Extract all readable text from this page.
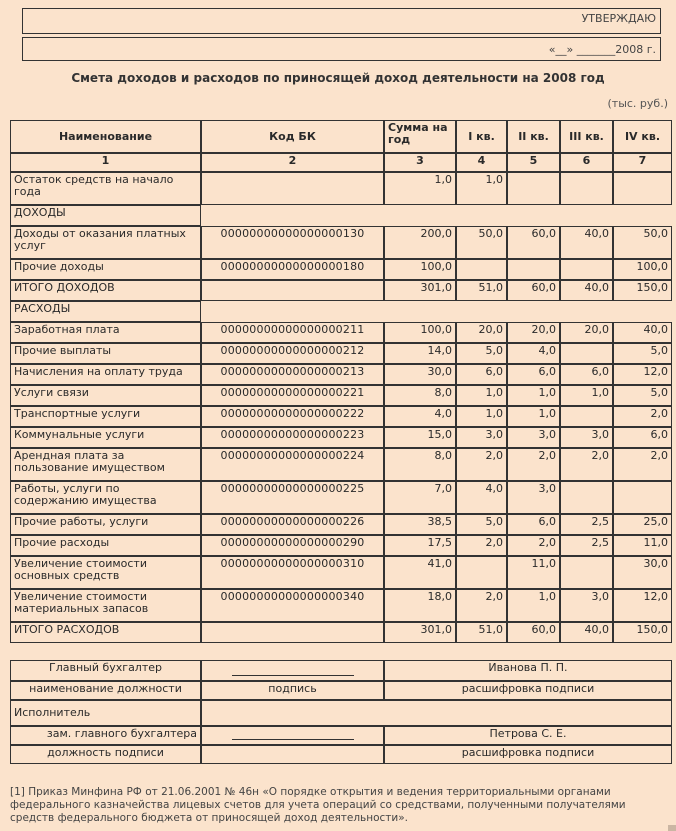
УТВЕРЖДАЮ
«__» _______2008 г.
Смета доходов и расходов по приносящей доход деятельности на 2008 год
(тыс. руб.)
Наименование	Код БК	Сумма на год	I кв.	II кв.	III кв.	IV кв.
1	2	3	4	5	6	7
Остаток средств на начало года		1,0	1,0			
ДОХОДЫ						
Доходы от оказания платных услуг	00000000000000000130	200,0	50,0	60,0	40,0	50,0
Прочие доходы	00000000000000000180	100,0				100,0
ИТОГО ДОХОДОВ		301,0	51,0	60,0	40,0	150,0
РАСХОДЫ						
Заработная плата	00000000000000000211	100,0	20,0	20,0	20,0	40,0
Прочие выплаты	00000000000000000212	14,0	5,0	4,0		5,0
Начисления на оплату труда	00000000000000000213	30,0	6,0	6,0	6,0	12,0
Услуги связи	00000000000000000221	8,0	1,0	1,0	1,0	5,0
Транспортные услуги	00000000000000000222	4,0	1,0	1,0		2,0
Коммунальные услуги	00000000000000000223	15,0	3,0	3,0	3,0	6,0
Арендная плата за пользование имуществом	00000000000000000224	8,0	2,0	2,0	2,0	2,0
Работы, услуги по содержанию имущества	00000000000000000225	7,0	4,0	3,0		
Прочие работы, услуги	00000000000000000226	38,5	5,0	6,0	2,5	25,0
Прочие расходы	00000000000000000290	17,5	2,0	2,0	2,5	11,0
Увеличение стоимости основных средств	00000000000000000310	41,0		11,0		30,0
Увеличение стоимости материальных запасов	00000000000000000340	18,0	2,0	1,0	3,0	12,0
ИТОГО РАСХОДОВ		301,0	51,0	60,0	40,0	150,0
Главный бухгалтер		Иванова П. П.
наименование должности	подпись	расшифровка подписи
Исполнитель		
зам. главного бухгалтера		Петрова С. Е.
должность подписи		расшифровка подписи
[1] Приказ Минфина РФ от 21.06.2001 № 46н «О порядке открытия и ведения территориальными органами федерального казначейства лицевых счетов для учета операций со средствами, полученными получателями средств федерального бюджета от приносящей доход деятельности».
